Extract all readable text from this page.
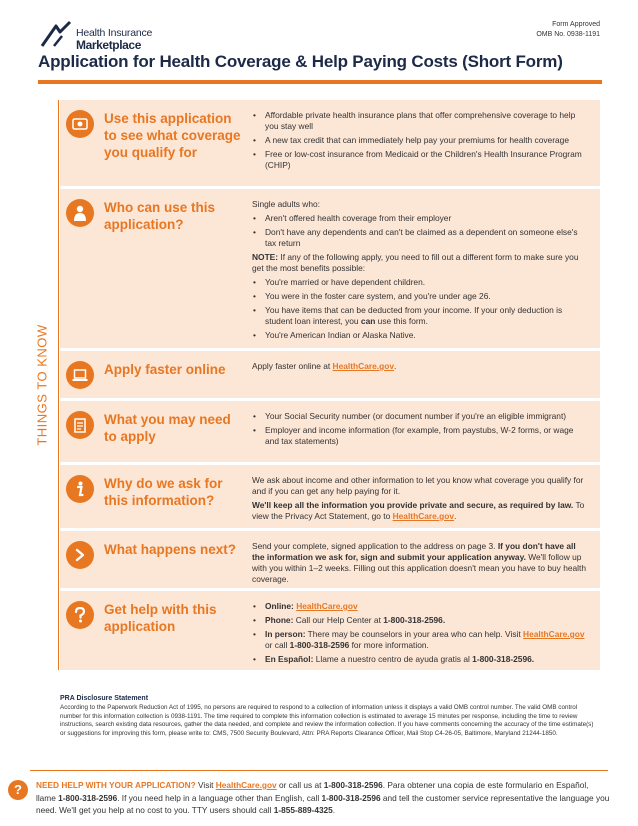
Health Insurance
Marketplace
Form Approved
OMB No. 0938-1191
Application for Health Coverage & Help Paying Costs (Short Form)
THINGS TO KNOW
Use this application to see what coverage you qualify for
• Affordable private health insurance plans that offer comprehensive coverage to help you stay well
• A new tax credit that can immediately help pay your premiums for health coverage
• Free or low-cost insurance from Medicaid or the Children's Health Insurance Program (CHIP)
Who can use this application?

Single adults who:

• Aren't offered health coverage from their employer
• Don't have any dependents and can't be claimed as a dependent on someone else's tax return

NOTE: If any of the following apply, you need to fill out a different form to make sure you get the most benefits possible:

• You're married or have dependent children.
• You were in the foster care system, and you're under age 26.
• You have items that can be deducted from your income. If your only deduction is student loan interest, you can use this form.
• You're American Indian or Alaska Native.
Apply faster online	Apply faster online at HealthCare.gov.

What you may need to apply
• Your Social Security number (or document number if you're an eligible immigrant)
• Employer and income information (for example, from paystubs, W-2 forms, or wage and tax statements)
Why do we ask for this information?

We ask about income and other information to let you know what coverage you qualify for and if you can get any help paying for it.

We'll keep all the information you provide private and secure, as required by law. To view the Privacy Act Statement, go to HealthCare.gov.

What happens next?	Send your complete, signed application to the address on page 3. If you don't have all the information we ask for, sign and submit your application anyway. We'll follow up with you within 1–2 weeks. Filling out this application doesn't mean you have to buy health coverage.

Get help with this application
• Online: HealthCare.gov
• Phone: Call our Help Center at 1-800-318-2596.
• In person: There may be counselors in your area who can help. Visit HealthCare.gov or call 1-800-318-2596 for more information.
• En Español: Llame a nuestro centro de ayuda gratis al 1-800-318-2596.
PRA Disclosure Statement
According to the Paperwork Reduction Act of 1995, no persons are required to respond to a collection of information unless it displays a valid OMB control number. The valid OMB control number for this information collection is 0938-1191. The time required to complete this information collection is estimated to average 15 minutes per response, including the time to review instructions, search existing data resources, gather the data needed, and complete and review the information collection. If you have comments concerning the accuracy of the time estimate(s) or suggestions for improving this form, please write to: CMS, 7500 Security Boulevard, Attn: PRA Reports Clearance Officer, Mail Stop C4-26-05, Baltimore, Maryland 21244-1850.
?	NEED HELP WITH YOUR APPLICATION? Visit HealthCare.gov or call us at 1-800-318-2596. Para obtener una copia de este formulario en Español, llame 1-800-318-2596. If you need help in a language other than English, call 1-800-318-2596 and tell the customer service representative the language you need. We'll get you help at no cost to you. TTY users should call 1-855-889-4325.
